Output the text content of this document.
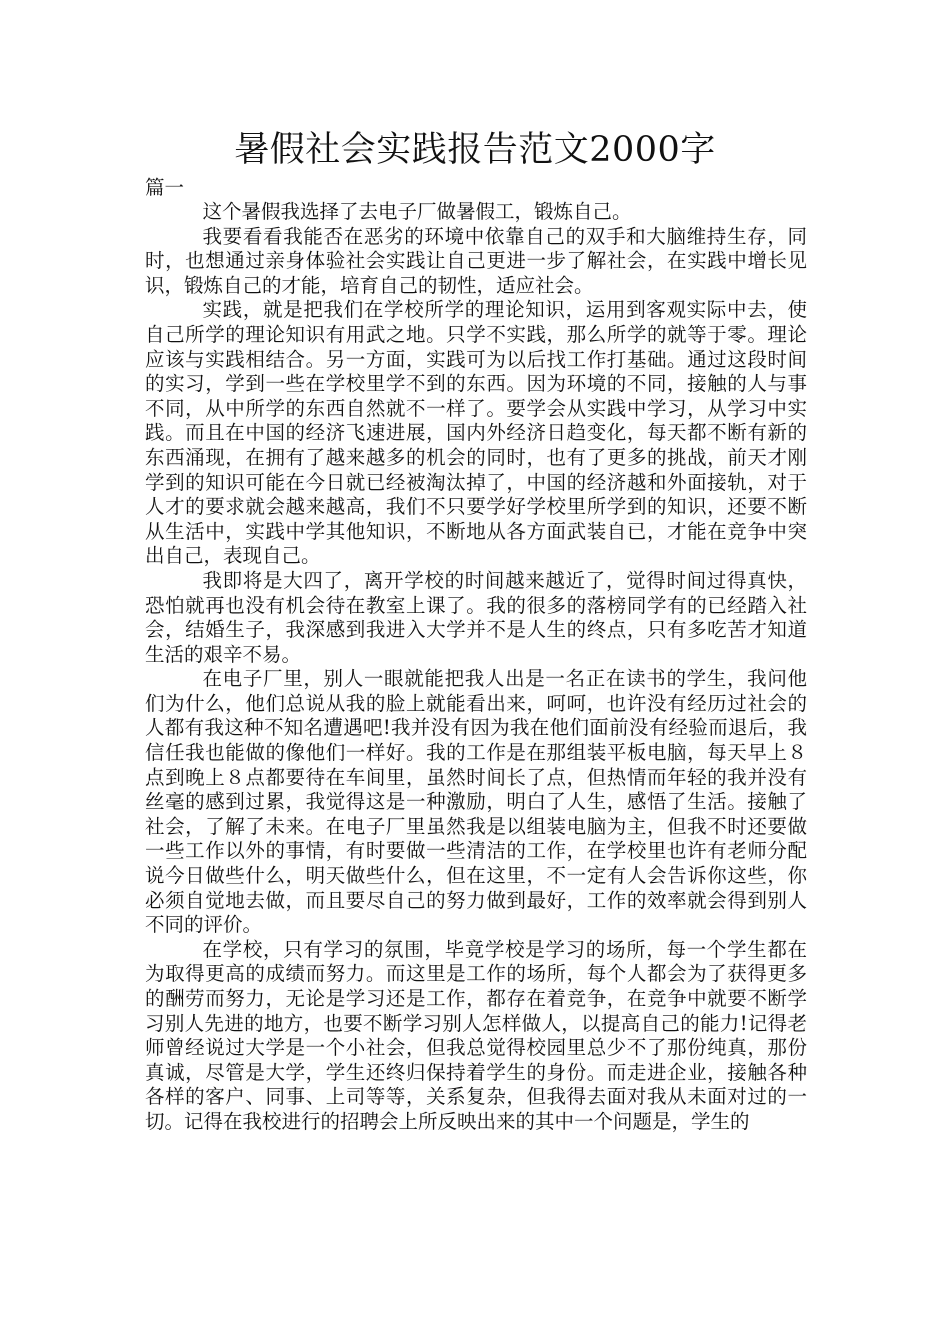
暑假社会实践报告范文2000字
篇一

这个暑假我选择了去电子厂做暑假工，锻炼自己。

我要看看我能否在恶劣的环境中依靠自己的双手和大脑维持生存，同时，也想通过亲身体验社会实践让自己更进一步了解社会，在实践中增长见识，锻炼自己的才能，培育自己的韧性，适应社会。

实践，就是把我们在学校所学的理论知识，运用到客观实际中去，使自己所学的理论知识有用武之地。只学不实践，那么所学的就等于零。理论应该与实践相结合。另一方面，实践可为以后找工作打基础。通过这段时间的实习，学到一些在学校里学不到的东西。因为环境的不同，接触的人与事不同，从中所学的东西自然就不一样了。要学会从实践中学习，从学习中实践。而且在中国的经济飞速进展，国内外经济日趋变化，每天都不断有新的东西涌现，在拥有了越来越多的机会的同时，也有了更多的挑战，前天才刚学到的知识可能在今日就已经被淘汰掉了，中国的经济越和外面接轨，对于人才的要求就会越来越高，我们不只要学好学校里所学到的知识，还要不断从生活中，实践中学其他知识，不断地从各方面武装自已，才能在竞争中突出自己，表现自己。

我即将是大四了，离开学校的时间越来越近了，觉得时间过得真快，恐怕就再也没有机会待在教室上课了。我的很多的落榜同学有的已经踏入社会，结婚生子，我深感到我进入大学并不是人生的终点，只有多吃苦才知道生活的艰辛不易。

在电子厂里，别人一眼就能把我人出是一名正在读书的学生，我问他们为什么，他们总说从我的脸上就能看出来，呵呵，也许没有经历过社会的人都有我这种不知名遭遇吧!我并没有因为我在他们面前没有经验而退后，我信任我也能做的像他们一样好。我的工作是在那组装平板电脑，每天早上８点到晚上８点都要待在车间里，虽然时间长了点，但热情而年轻的我并没有丝毫的感到过累，我觉得这是一种激励，明白了人生，感悟了生活。接触了社会，了解了未来。在电子厂里虽然我是以组装电脑为主，但我不时还要做一些工作以外的事情，有时要做一些清洁的工作，在学校里也许有老师分配说今日做些什么，明天做些什么，但在这里，不一定有人会告诉你这些，你必须自觉地去做，而且要尽自己的努力做到最好，工作的效率就会得到别人不同的评价。

在学校，只有学习的氛围，毕竟学校是学习的场所，每一个学生都在为取得更高的成绩而努力。而这里是工作的场所，每个人都会为了获得更多的酬劳而努力，无论是学习还是工作，都存在着竞争，在竞争中就要不断学习别人先进的地方，也要不断学习别人怎样做人，以提高自己的能力!记得老师曾经说过大学是一个小社会，但我总觉得校园里总少不了那份纯真，那份真诚，尽管是大学，学生还终归保持着学生的身份。而走进企业，接触各种各样的客户、同事、上司等等，关系复杂，但我得去面对我从未面对过的一切。记得在我校进行的招聘会上所反映出来的其中一个问题是，学生的
